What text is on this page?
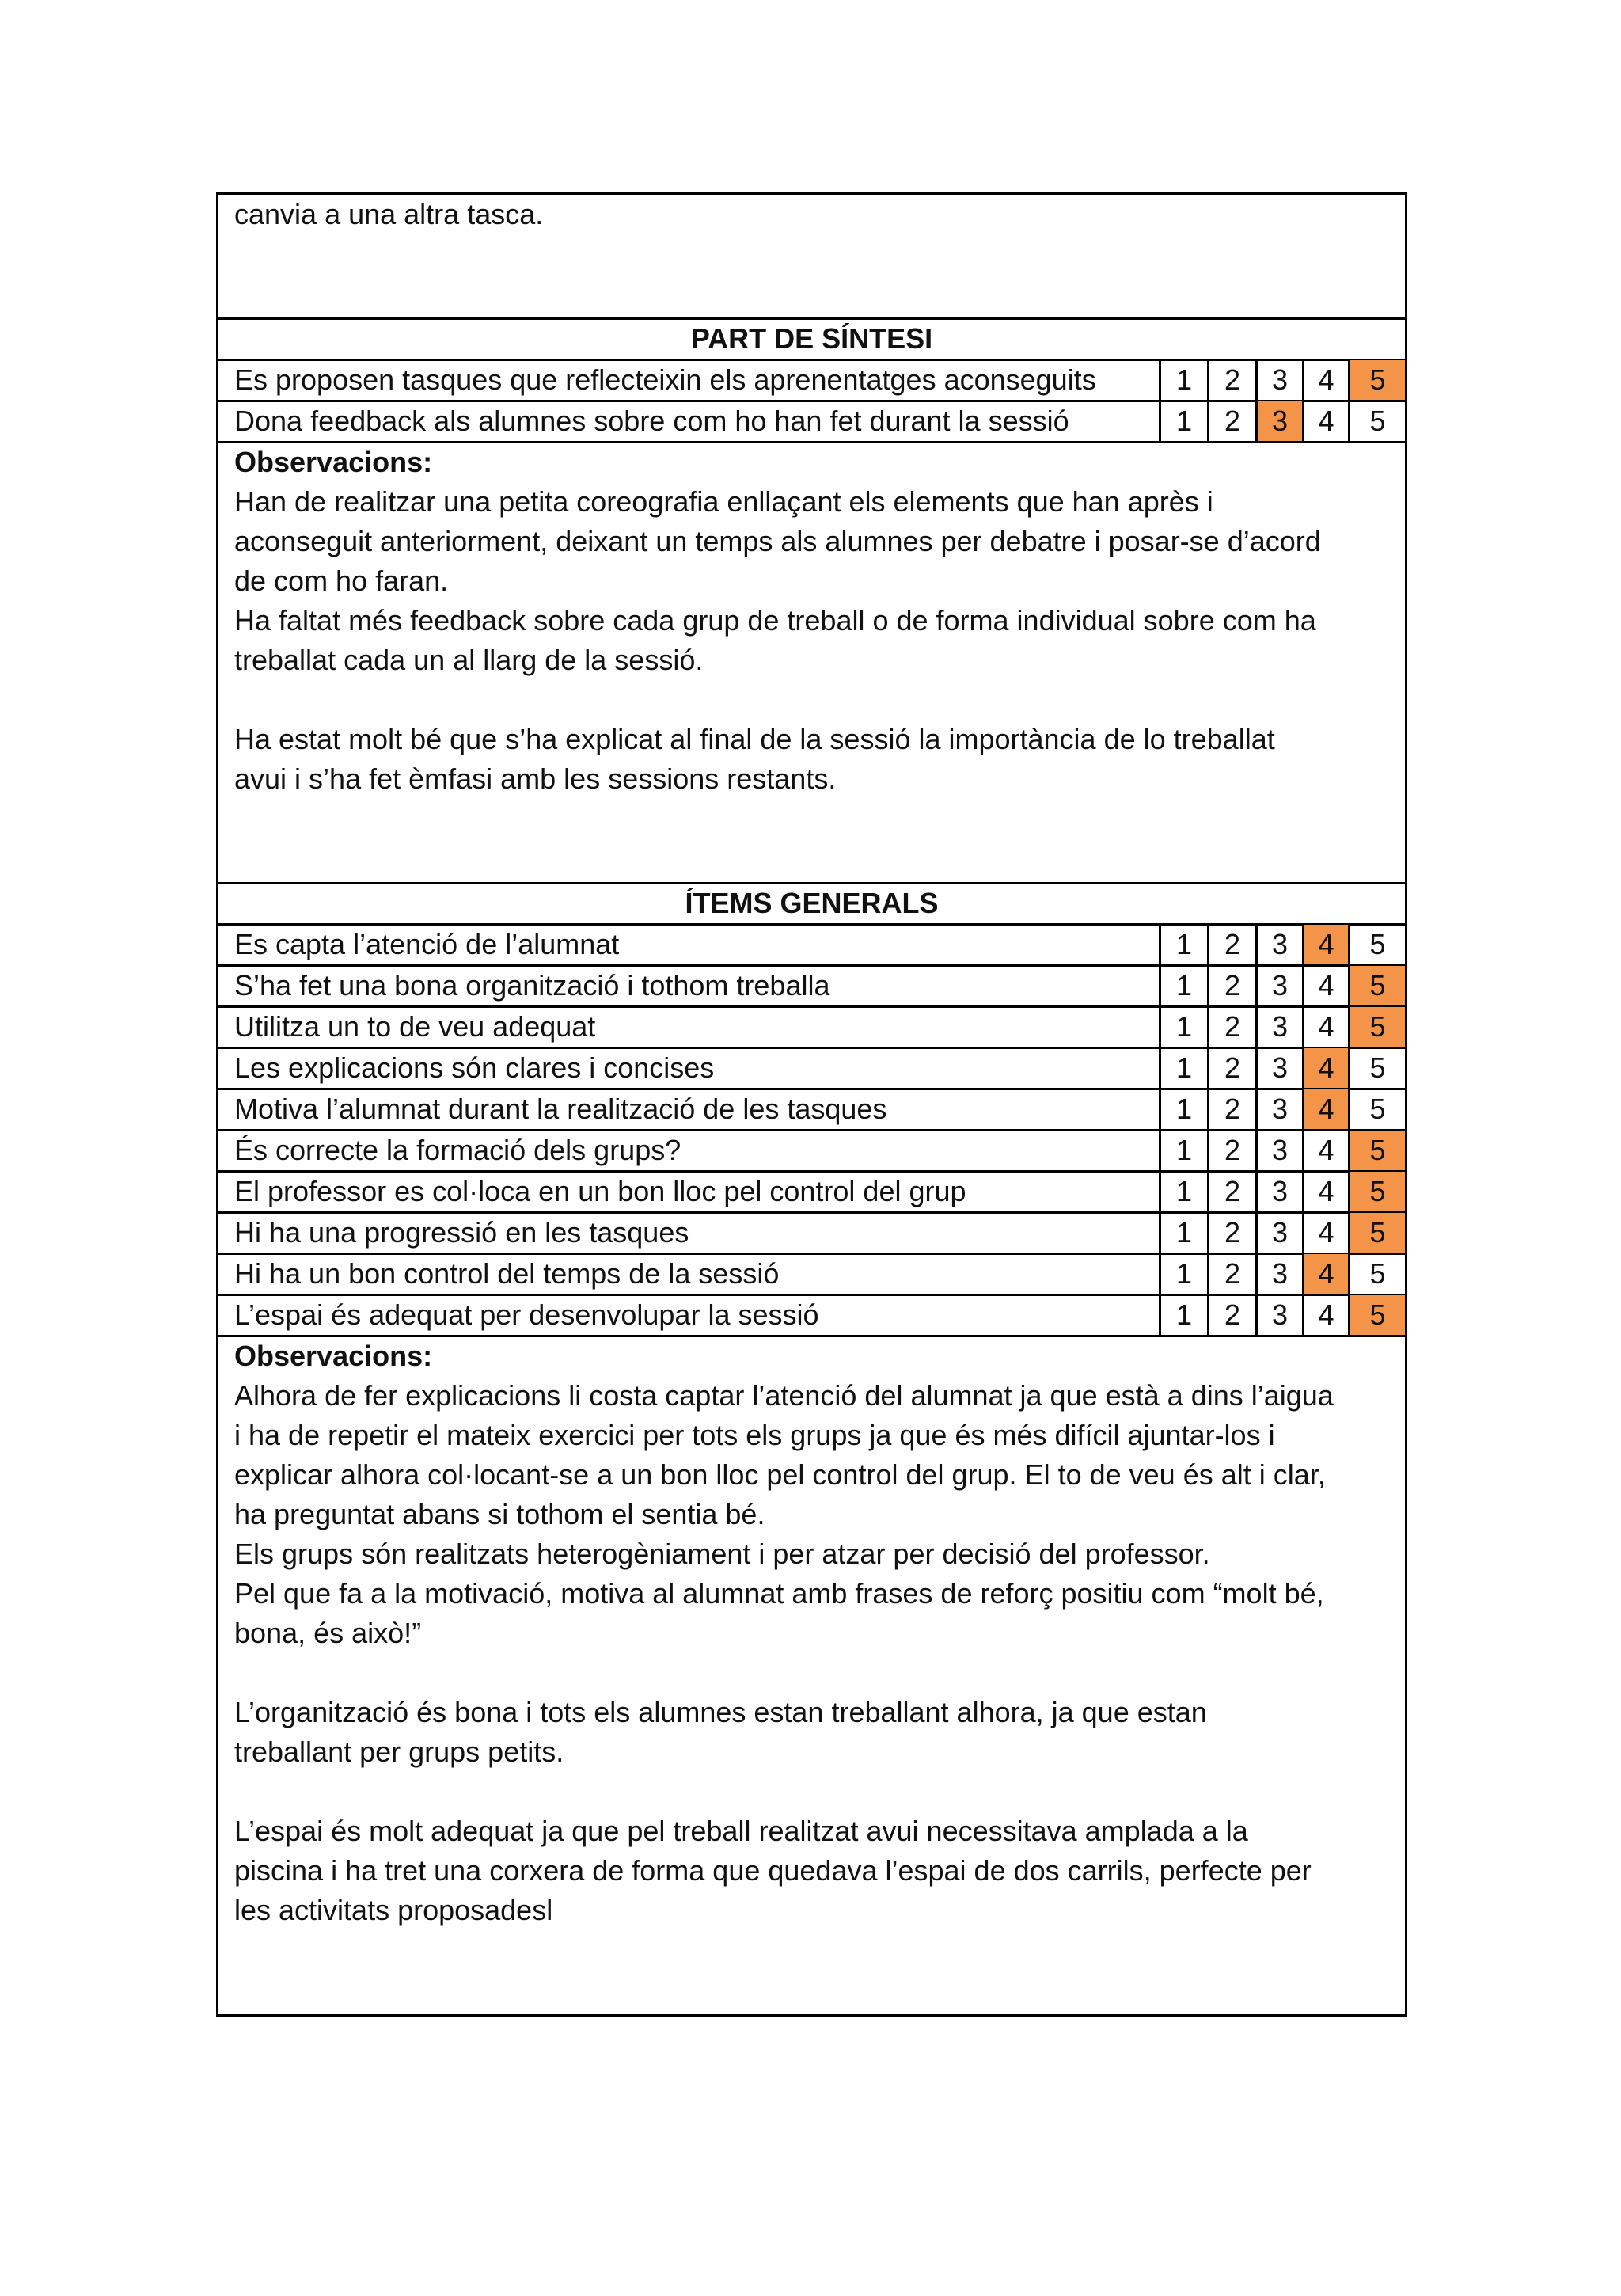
canvia a una altra tasca.

PART DE SÍNTESI
Es proposen tasques que reflecteixin els aprenentatges aconseguits	1	2	3	4	5
Dona feedback als alumnes sobre com ho han fet durant la sessió	1	2	3	4	5

Observacions:

Han de realitzar una petita coreografia enllaçant els elements que han après i

aconseguit anteriorment, deixant un temps als alumnes per debatre i posar-se d’acord

de com ho faran.

Ha faltat més feedback sobre cada grup de treball o de forma individual sobre com ha

treballat cada un al llarg de la sessió.

Ha estat molt bé que s’ha explicat al final de la sessió la importància de lo treballat

avui i s’ha fet èmfasi amb les sessions restants.

ÍTEMS GENERALS
Es capta l’atenció de l’alumnat	1	2	3	4	5
S’ha fet una bona organització i tothom treballa	1	2	3	4	5
Utilitza un to de veu adequat	1	2	3	4	5
Les explicacions són clares i concises	1	2	3	4	5
Motiva l’alumnat durant la realització de les tasques	1	2	3	4	5
És correcte la formació dels grups?	1	2	3	4	5
El professor es col·loca en un bon lloc pel control del grup	1	2	3	4	5
Hi ha una progressió en les tasques	1	2	3	4	5
Hi ha un bon control del temps de la sessió	1	2	3	4	5
L’espai és adequat per desenvolupar la sessió	1	2	3	4	5

Observacions:

Alhora de fer explicacions li costa captar l’atenció del alumnat ja que està a dins l’aigua

i ha de repetir el mateix exercici per tots els grups ja que és més difícil ajuntar-los i

explicar alhora col·locant-se a un bon lloc pel control del grup. El to de veu és alt i clar,

ha preguntat abans si tothom el sentia bé.

Els grups són realitzats heterogèniament i per atzar per decisió del professor.

Pel que fa a la motivació, motiva al alumnat amb frases de reforç positiu com “molt bé,

bona, és això!”

L’organització és bona i tots els alumnes estan treballant alhora, ja que estan

treballant per grups petits.

L’espai és molt adequat ja que pel treball realitzat avui necessitava amplada a la

piscina i ha tret una corxera de forma que quedava l’espai de dos carrils, perfecte per

les activitats proposadesl
